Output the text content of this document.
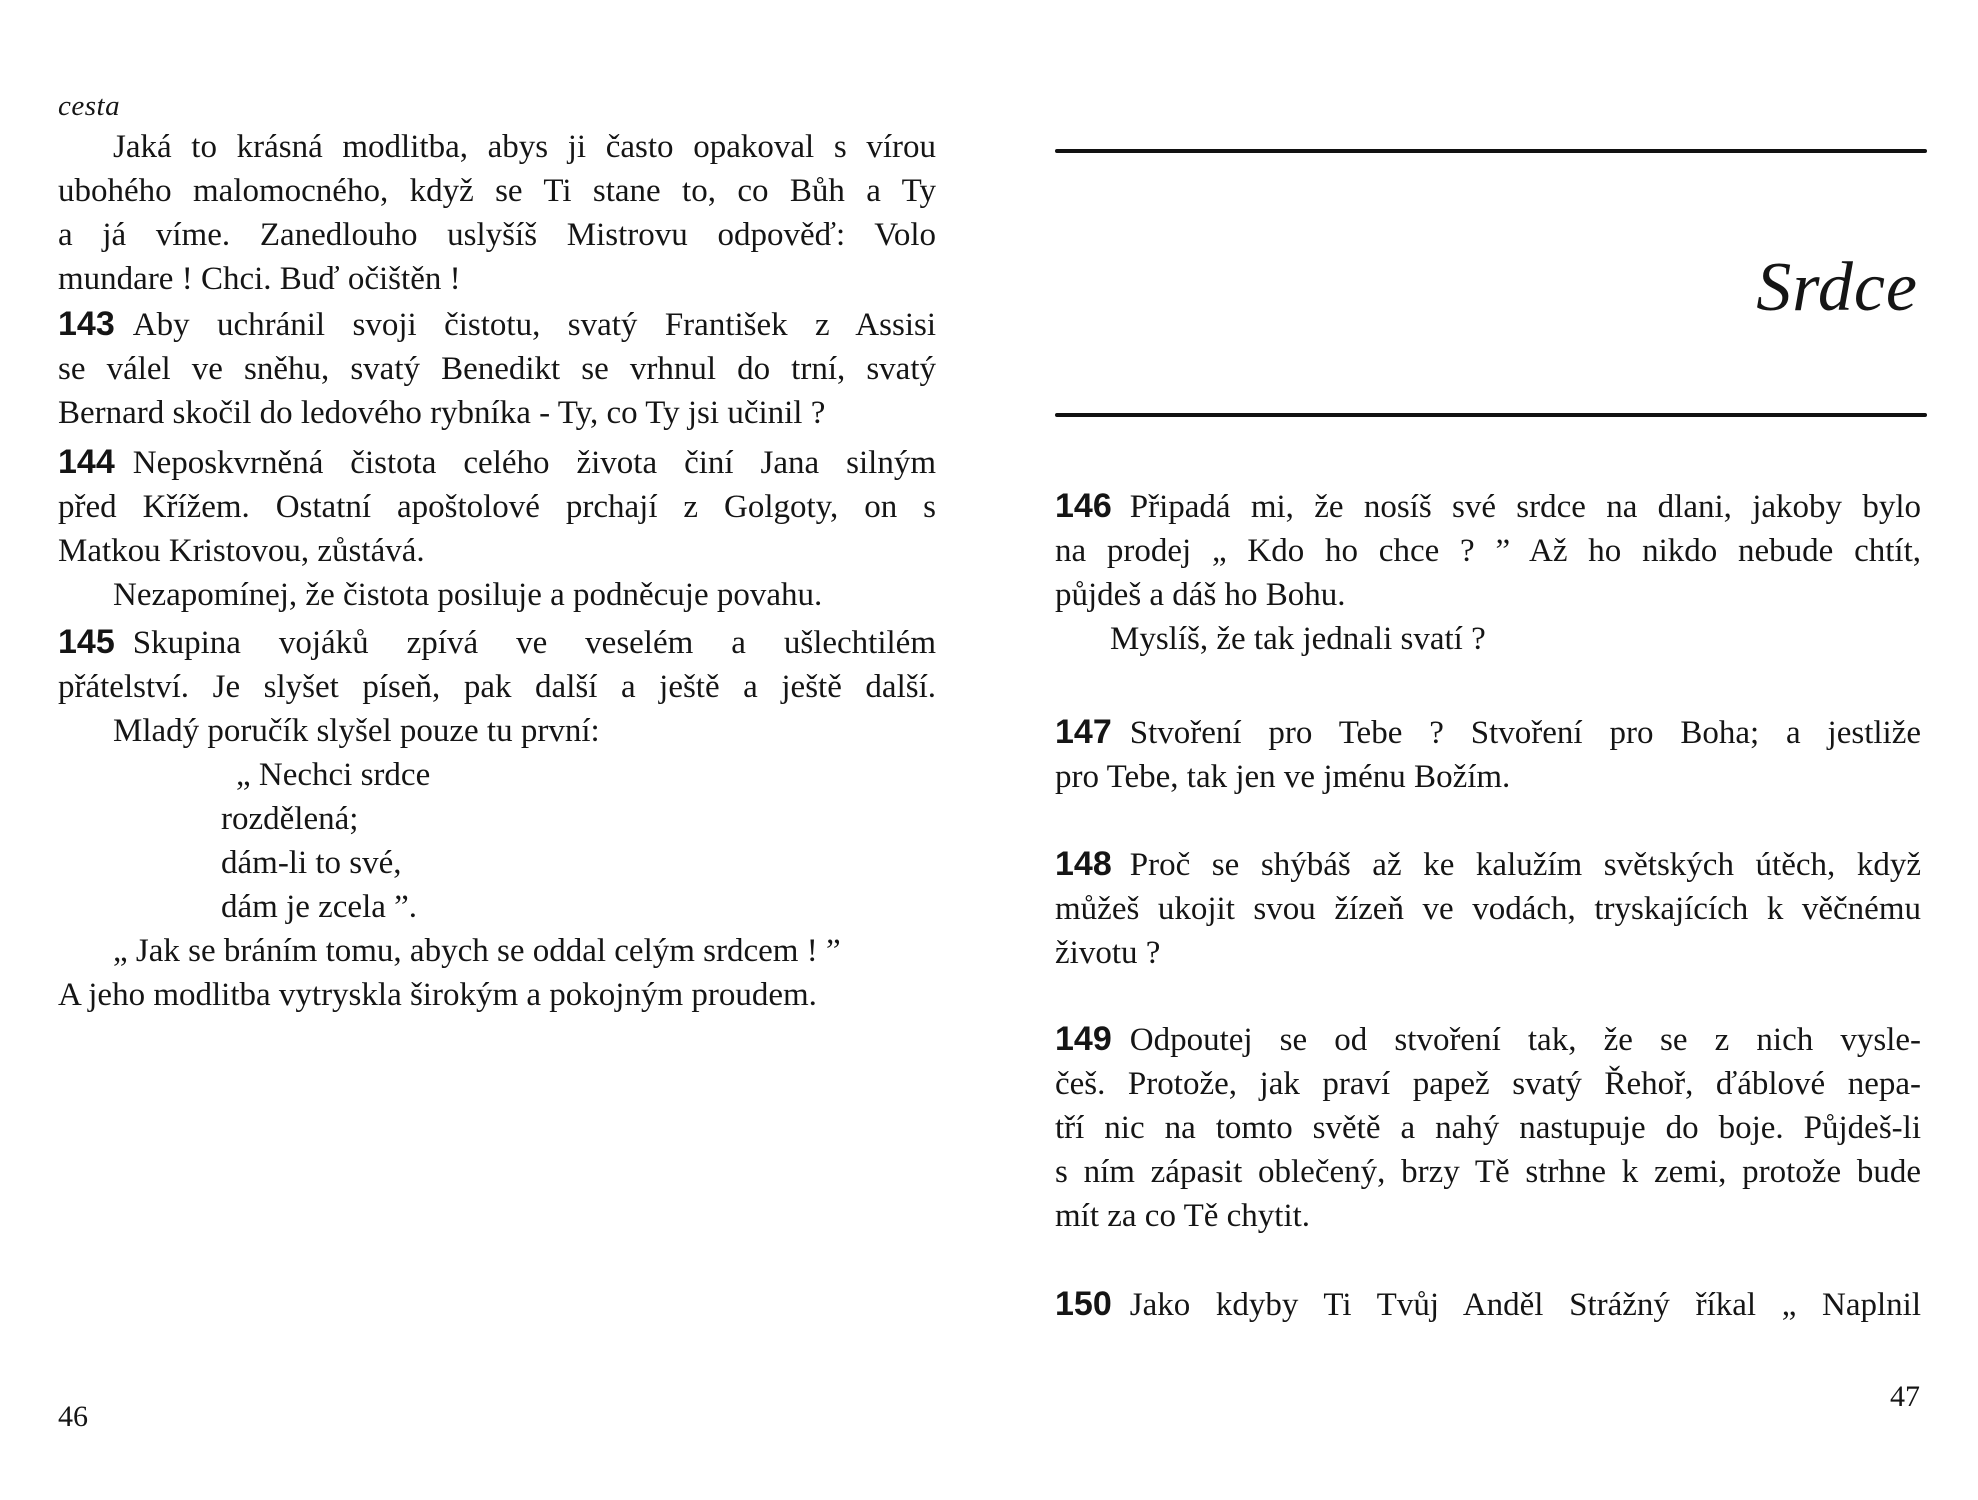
cesta
Jaká to krásná modlitba, abys ji často opakoval s vírou
ubohého malomocného, když se Ti stane to, co Bůh a Ty
a já víme. Zanedlouho uslyšíš Mistrovu odpověď: Volo
mundare ! Chci. Buď očištěn !
143 Aby uchránil svoji čistotu, svatý František z Assisi
se válel ve sněhu, svatý Benedikt se vrhnul do trní, svatý
Bernard skočil do ledového rybníka - Ty, co Ty jsi učinil ?
144 Neposkvrněná čistota celého života činí Jana silným
před Křížem. Ostatní apoštolové prchají z Golgoty, on s
Matkou Kristovou, zůstává.
Nezapomínej, že čistota posiluje a podněcuje povahu.
145 Skupina vojáků zpívá ve veselém a ušlechtilém
přátelství. Je slyšet píseň, pak další a ještě a ještě další.
Mladý poručík slyšel pouze tu první:
„ Nechci srdce
rozdělená;
dám-li to své,
dám je zcela ”.
„ Jak se bráním tomu, abych se oddal celým srdcem ! ”
A jeho modlitba vytryskla širokým a pokojným proudem.
46
Srdce
146 Připadá mi, že nosíš své srdce na dlani, jakoby bylo
na prodej „ Kdo ho chce ? ” Až ho nikdo nebude chtít,
půjdeš a dáš ho Bohu.
Myslíš, že tak jednali svatí ?
147 Stvoření pro Tebe ? Stvoření pro Boha; a jestliže
pro Tebe, tak jen ve jménu Božím.
148 Proč se shýbáš až ke kalužím světských útěch, když
můžeš ukojit svou žízeň ve vodách, tryskajících k věčnému
životu ?
149 Odpoutej se od stvoření tak, že se z nich vysle-
češ. Protože, jak praví papež svatý Řehoř, ďáblové nepa-
tří nic na tomto světě a nahý nastupuje do boje. Půjdeš-li
s ním zápasit oblečený, brzy Tě strhne k zemi, protože bude
mít za co Tě chytit.
150 Jako kdyby Ti Tvůj Anděl Strážný říkal „ Naplnil
47
